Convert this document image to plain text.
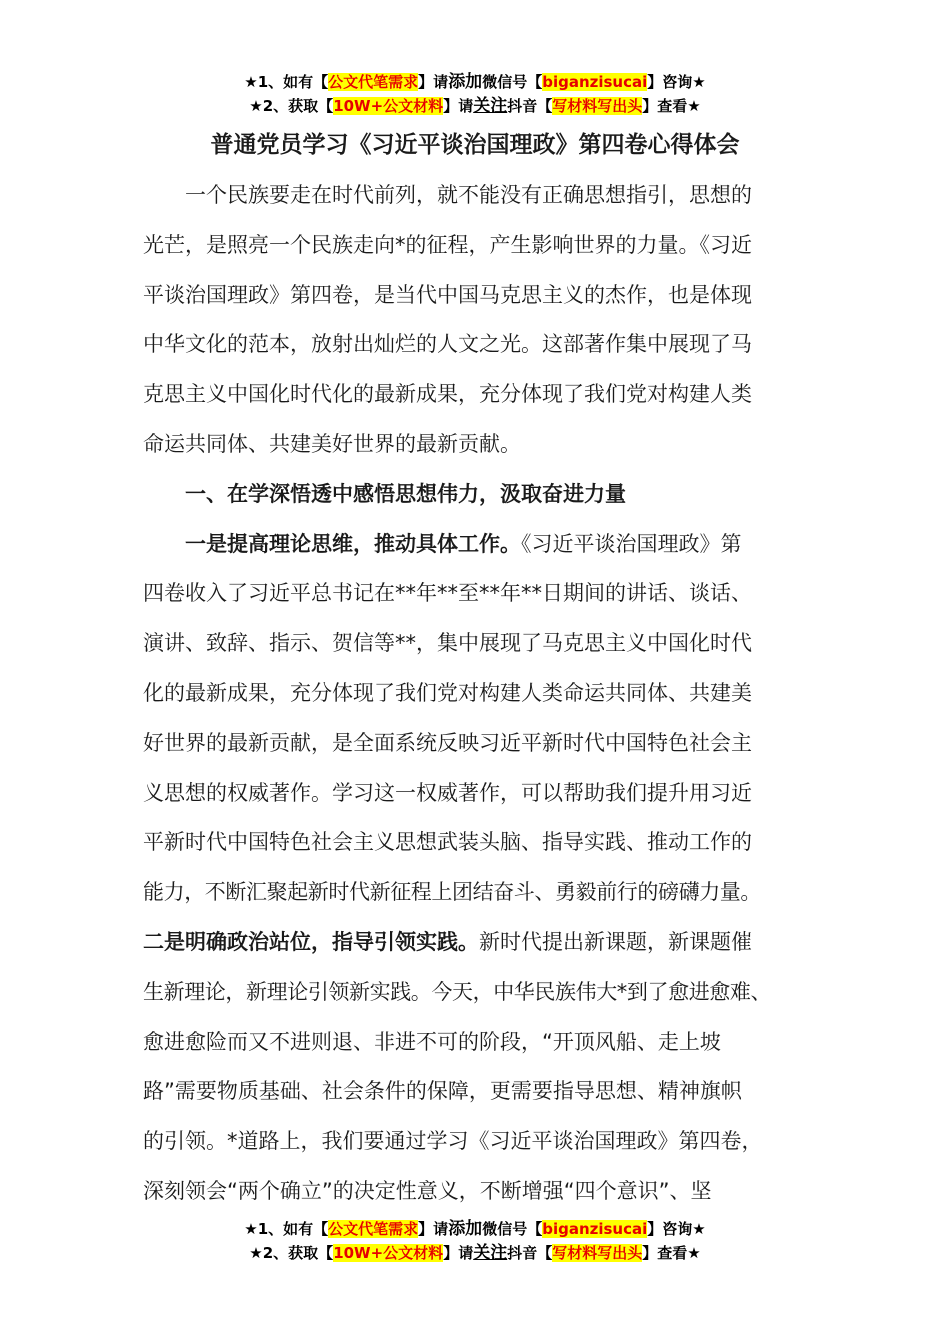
★1、如有【公文代笔需求】请添加微信号【biganzisucai】咨询★
★2、获取【10W+公文材料】请关注抖音【写材料写出头】查看★
普通党员学习《习近平谈治国理政》第四卷心得体会
一个民族要走在时代前列，就不能没有正确思想指引，思想的
光芒，是照亮一个民族走向*的征程，产生影响世界的力量。《习近
平谈治国理政》第四卷，是当代中国马克思主义的杰作，也是体现
中华文化的范本，放射出灿烂的人文之光。这部著作集中展现了马
克思主义中国化时代化的最新成果，充分体现了我们党对构建人类
命运共同体、共建美好世界的最新贡献。
一、在学深悟透中感悟思想伟力，汲取奋进力量
一是提高理论思维，推动具体工作。《习近平谈治国理政》第
四卷收入了习近平总书记在**年**至**年**日期间的讲话、谈话、
演讲、致辞、指示、贺信等**，集中展现了马克思主义中国化时代
化的最新成果，充分体现了我们党对构建人类命运共同体、共建美
好世界的最新贡献，是全面系统反映习近平新时代中国特色社会主
义思想的权威著作。学习这一权威著作，可以帮助我们提升用习近
平新时代中国特色社会主义思想武装头脑、指导实践、推动工作的
能力，不断汇聚起新时代新征程上团结奋斗、勇毅前行的磅礴力量。
二是明确政治站位，指导引领实践。新时代提出新课题，新课题催
生新理论，新理论引领新实践。今天，中华民族伟大*到了愈进愈难、
愈进愈险而又不进则退、非进不可的阶段，“开顶风船、走上坡
路”需要物质基础、社会条件的保障，更需要指导思想、精神旗帜
的引领。*道路上，我们要通过学习《习近平谈治国理政》第四卷，
深刻领会“两个确立”的决定性意义，不断增强“四个意识”、坚
★1、如有【公文代笔需求】请添加微信号【biganzisucai】咨询★
★2、获取【10W+公文材料】请关注抖音【写材料写出头】查看★
